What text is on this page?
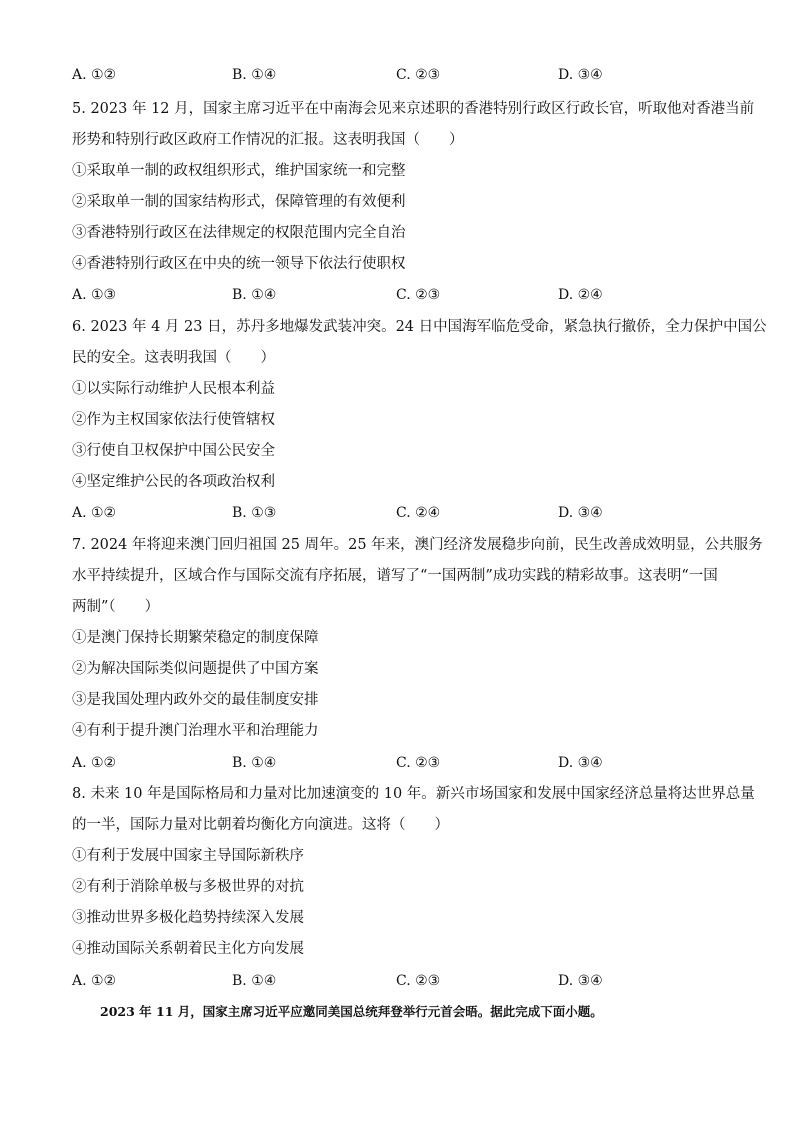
A. ①②	B. ①④	C. ②③	D. ③④
5. 2023 年 12 月，国家主席习近平在中南海会见来京述职的香港特别行政区行政长官，听取他对香港当前
形势和特别行政区政府工作情况的汇报。这表明我国（　　）
①采取单一制的政权组织形式，维护国家统一和完整
②采取单一制的国家结构形式，保障管理的有效便利
③香港特别行政区在法律规定的权限范围内完全自治
④香港特别行政区在中央的统一领导下依法行使职权
A. ①③	B. ①④	C. ②③	D. ②④
6. 2023 年 4 月 23 日，苏丹多地爆发武装冲突。24 日中国海军临危受命，紧急执行撤侨，全力保护中国公
民的安全。这表明我国（　　）
①以实际行动维护人民根本利益
②作为主权国家依法行使管辖权
③行使自卫权保护中国公民安全
④坚定维护公民的各项政治权利
A. ①②	B. ①③	C. ②④	D. ③④
7. 2024 年将迎来澳门回归祖国 25 周年。25 年来，澳门经济发展稳步向前，民生改善成效明显，公共服务
水平持续提升，区域合作与国际交流有序拓展，谱写了“一国两制”成功实践的精彩故事。这表明“一国
两制”（　　）
①是澳门保持长期繁荣稳定的制度保障
②为解决国际类似问题提供了中国方案
③是我国处理内政外交的最佳制度安排
④有利于提升澳门治理水平和治理能力
A. ①②	B. ①④	C. ②③	D. ③④
8. 未来 10 年是国际格局和力量对比加速演变的 10 年。新兴市场国家和发展中国家经济总量将达世界总量
的一半，国际力量对比朝着均衡化方向演进。这将（　　）
①有利于发展中国家主导国际新秩序
②有利于消除单极与多极世界的对抗
③推动世界多极化趋势持续深入发展
④推动国际关系朝着民主化方向发展
A. ①②	B. ①④	C. ②③	D. ③④
2023 年 11 月，国家主席习近平应邀同美国总统拜登举行元首会晤。据此完成下面小题。
